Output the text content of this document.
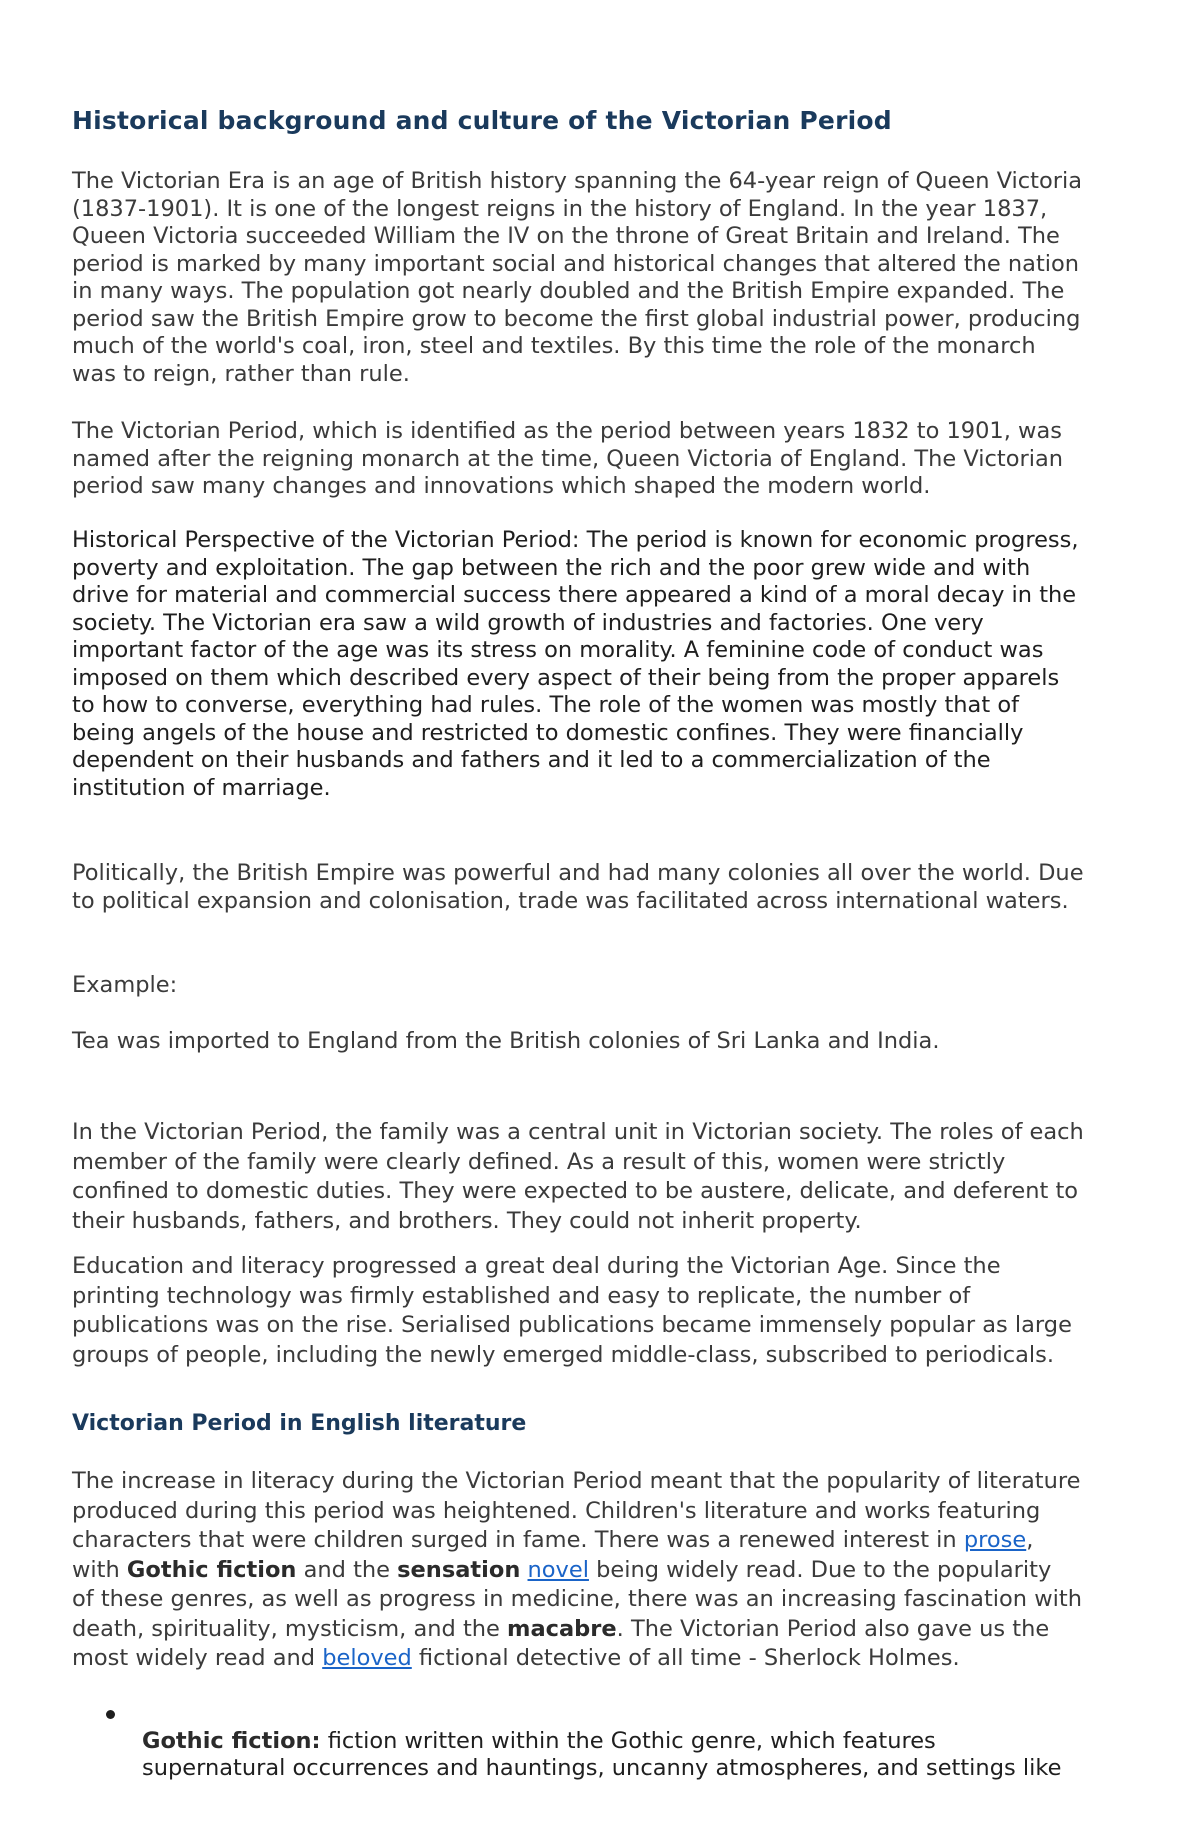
Historical background and culture of the Victorian Period
The Victorian Era is an age of British history spanning the 64-year reign of Queen Victoria
(1837-1901). It is one of the longest reigns in the history of England. In the year 1837,
Queen Victoria succeeded William the IV on the throne of Great Britain and Ireland. The
period is marked by many important social and historical changes that altered the nation
in many ways. The population got nearly doubled and the British Empire expanded. The
period saw the British Empire grow to become the first global industrial power, producing
much of the world's coal, iron, steel and textiles. By this time the role of the monarch
was to reign, rather than rule.
The Victorian Period, which is identified as the period between years 1832 to 1901, was
named after the reigning monarch at the time, Queen Victoria of England. The Victorian
period saw many changes and innovations which shaped the modern world.
Historical Perspective of the Victorian Period: The period is known for economic progress,
poverty and exploitation. The gap between the rich and the poor grew wide and with
drive for material and commercial success there appeared a kind of a moral decay in the
society. The Victorian era saw a wild growth of industries and factories. One very
important factor of the age was its stress on morality. A feminine code of conduct was
imposed on them which described every aspect of their being from the proper apparels
to how to converse, everything had rules. The role of the women was mostly that of
being angels of the house and restricted to domestic confines. They were financially
dependent on their husbands and fathers and it led to a commercialization of the
institution of marriage.
Politically, the British Empire was powerful and had many colonies all over the world. Due
to political expansion and colonisation, trade was facilitated across international waters.
Example:
Tea was imported to England from the British colonies of Sri Lanka and India.
In the Victorian Period, the family was a central unit in Victorian society. The roles of each
member of the family were clearly defined. As a result of this, women were strictly
confined to domestic duties. They were expected to be austere, delicate, and deferent to
their husbands, fathers, and brothers. They could not inherit property.
Education and literacy progressed a great deal during the Victorian Age. Since the
printing technology was firmly established and easy to replicate, the number of
publications was on the rise. Serialised publications became immensely popular as large
groups of people, including the newly emerged middle-class, subscribed to periodicals.
Victorian Period in English literature
The increase in literacy during the Victorian Period meant that the popularity of literature
produced during this period was heightened. Children's literature and works featuring
characters that were children surged in fame. There was a renewed interest in prose,
with Gothic fiction and the sensation novel being widely read. Due to the popularity
of these genres, as well as progress in medicine, there was an increasing fascination with
death, spirituality, mysticism, and the macabre. The Victorian Period also gave us the
most widely read and beloved fictional detective of all time - Sherlock Holmes.

Gothic fiction: fiction written within the Gothic genre, which features
supernatural occurrences and hauntings, uncanny atmospheres, and settings like
